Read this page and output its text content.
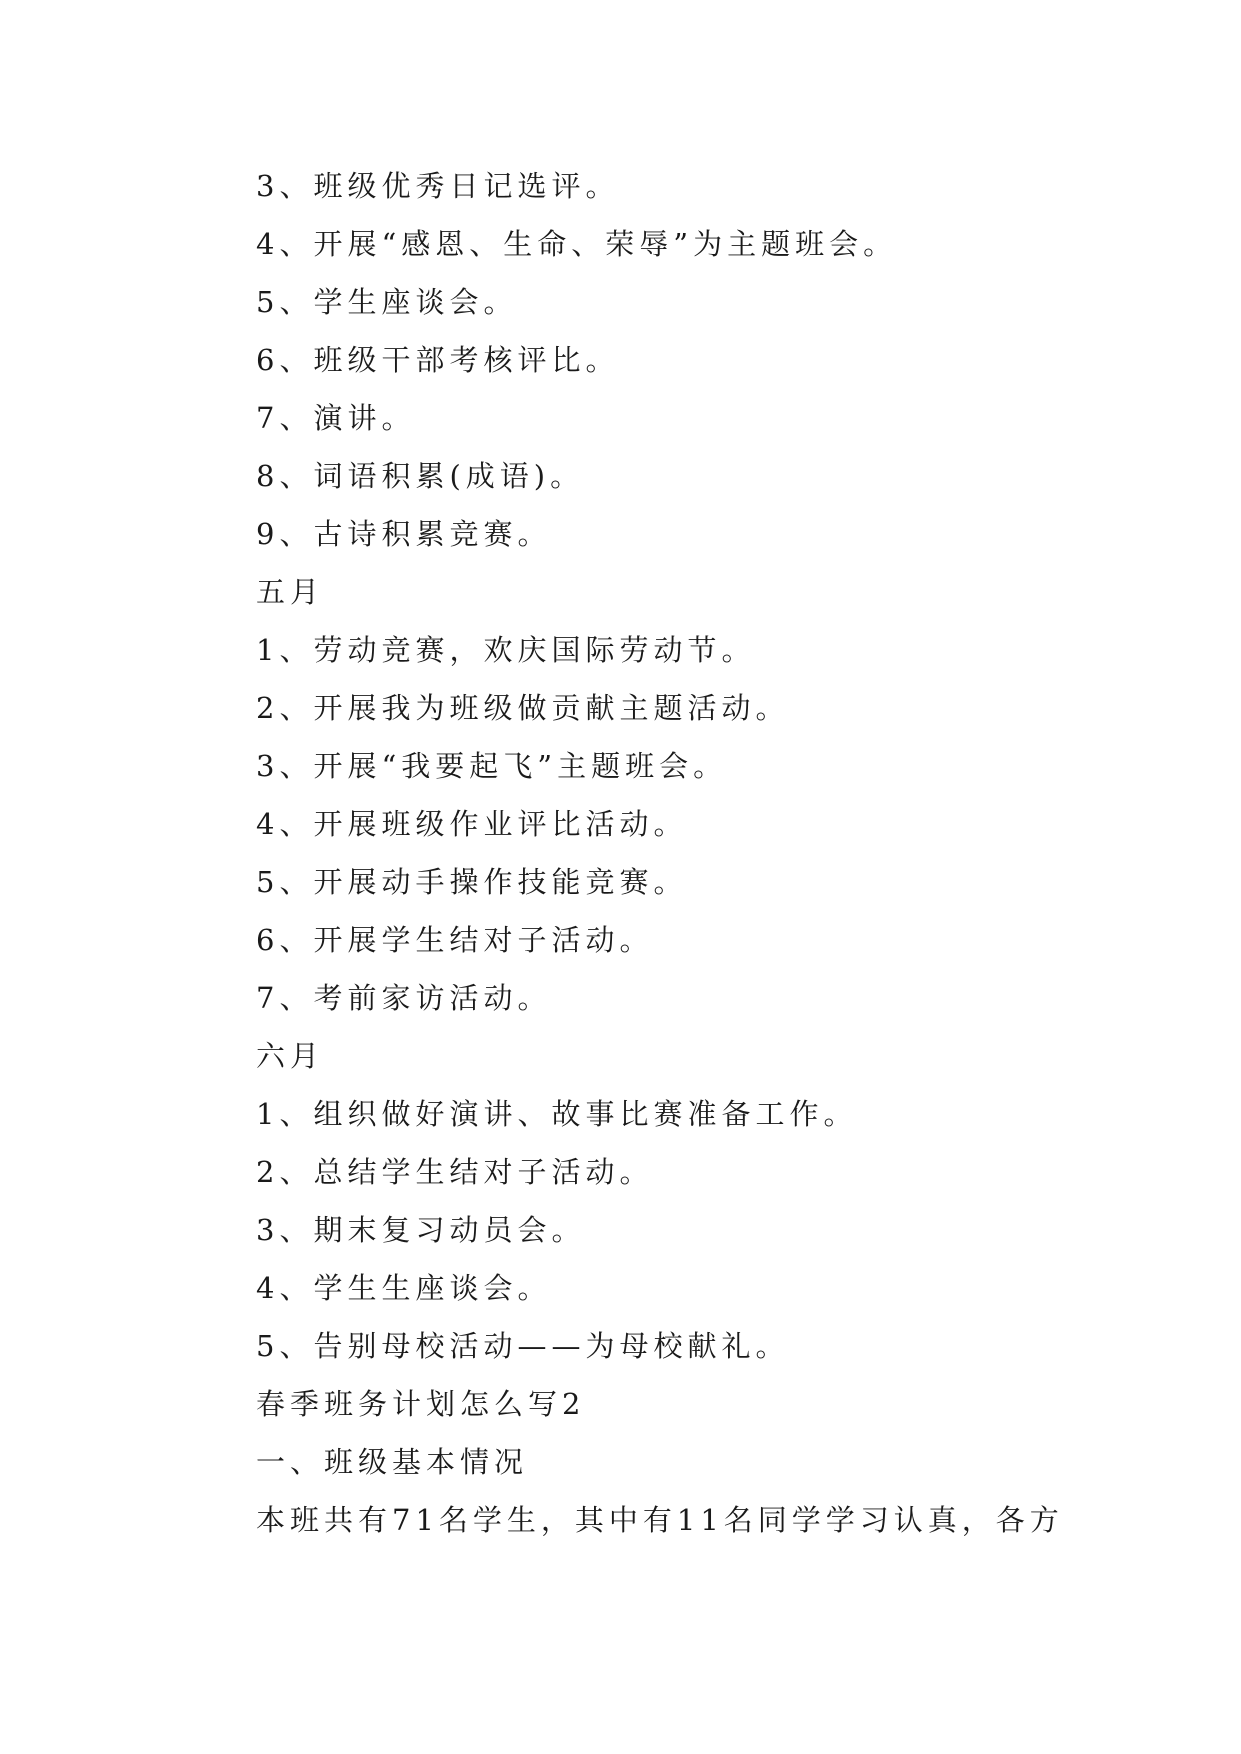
3、班级优秀日记选评。
4、开展“感恩、生命、荣辱”为主题班会。
5、学生座谈会。
6、班级干部考核评比。
7、演讲。
8、词语积累(成语)。
9、古诗积累竞赛。
五月
1、劳动竞赛，欢庆国际劳动节。
2、开展我为班级做贡献主题活动。
3、开展“我要起飞”主题班会。
4、开展班级作业评比活动。
5、开展动手操作技能竞赛。
6、开展学生结对子活动。
7、考前家访活动。
六月
1、组织做好演讲、故事比赛准备工作。
2、总结学生结对子活动。
3、期末复习动员会。
4、学生生座谈会。
5、告别母校活动——为母校献礼。
春季班务计划怎么写2
一、班级基本情况
本班共有71名学生，其中有11名同学学习认真，各方
